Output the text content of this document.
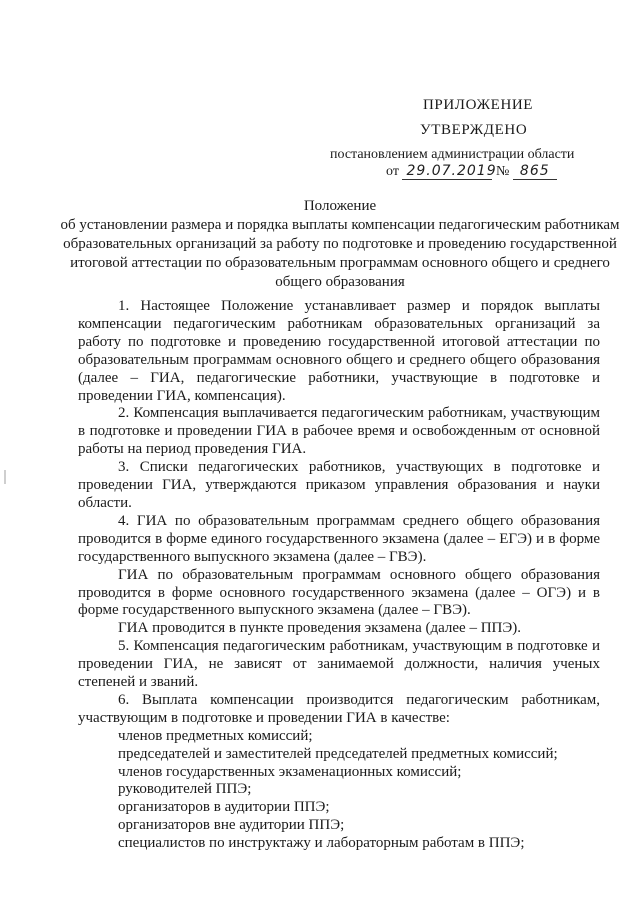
ПРИЛОЖЕНИЕ
УТВЕРЖДЕНО
постановлением администрации области
от 29.07.2019 № 865
Положение
об установлении размера и порядка выплаты компенсации педагогическим работникам образовательных организаций за работу по подготовке и проведению государственной итоговой аттестации по образовательным программам основного общего и среднего общего образования

1. Настоящее Положение устанавливает размер и порядок выплаты компенсации педагогическим работникам образовательных организаций за работу по подготовке и проведению государственной итоговой аттестации по образовательным программам основного общего и среднего общего образования (далее – ГИА, педагогические работники, участвующие в подготовке и проведении ГИА, компенсация).

2. Компенсация выплачивается педагогическим работникам, участвующим в подготовке и проведении ГИА в рабочее время и освобожденным от основной работы на период проведения ГИА.

3. Списки педагогических работников, участвующих в подготовке и проведении ГИА, утверждаются приказом управления образования и науки области.

4. ГИА по образовательным программам среднего общего образования проводится в форме единого государственного экзамена (далее – ЕГЭ) и в форме государственного выпускного экзамена (далее – ГВЭ).

ГИА по образовательным программам основного общего образования проводится в форме основного государственного экзамена (далее – ОГЭ) и в форме государственного выпускного экзамена (далее – ГВЭ).

ГИА проводится в пункте проведения экзамена (далее – ППЭ).

5. Компенсация педагогическим работникам, участвующим в подготовке и проведении ГИА, не зависят от занимаемой должности, наличия ученых степеней и званий.

6. Выплата компенсации производится педагогическим работникам, участвующим в подготовке и проведении ГИА в качестве:

членов предметных комиссий;

председателей и заместителей председателей предметных комиссий;

членов государственных экзаменационных комиссий;

руководителей ППЭ;

организаторов в аудитории ППЭ;

организаторов вне аудитории ППЭ;

специалистов по инструктажу и лабораторным работам в ППЭ;
